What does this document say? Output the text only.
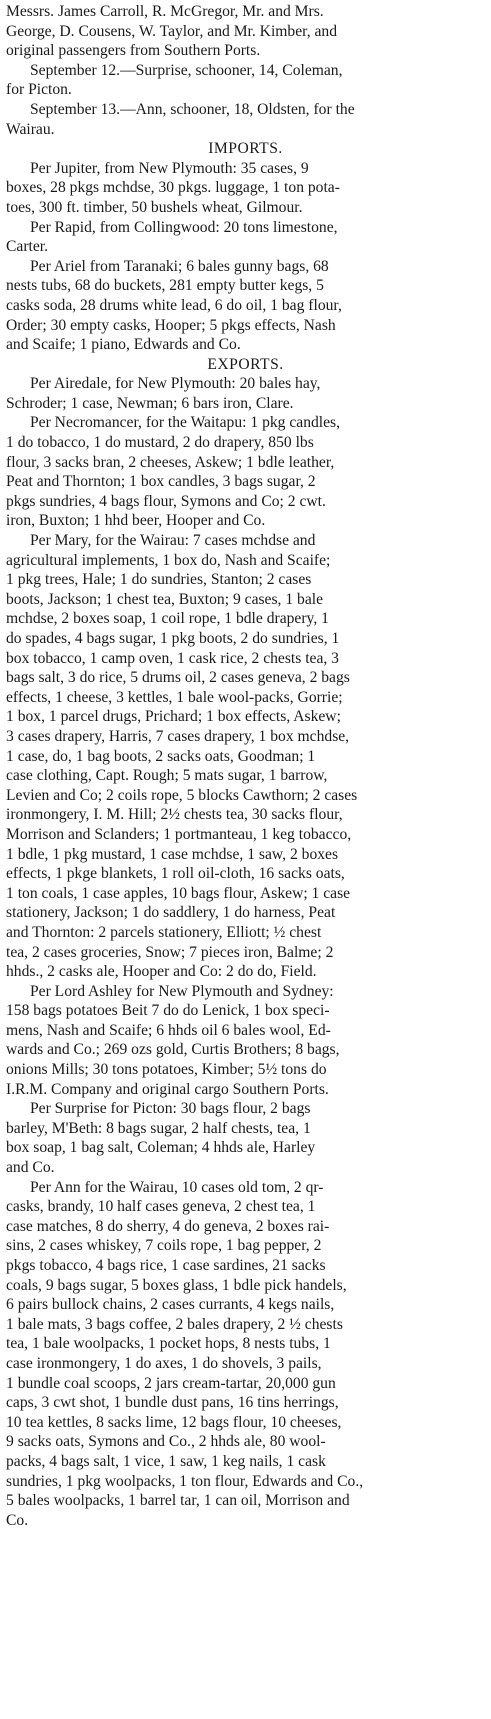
Messrs. James Carroll, R. McGregor, Mr. and Mrs.
George, D. Cousens, W. Taylor, and Mr. Kimber, and
original passengers from Southern Ports.

September 12.—Surprise, schooner, 14, Coleman,
for Picton.

September 13.—Ann, schooner, 18, Oldsten, for the
Wairau.

IMPORTS.

Per Jupiter, from New Plymouth: 35 cases, 9
boxes, 28 pkgs mchdse, 30 pkgs. luggage, 1 ton pota-
toes, 300 ft. timber, 50 bushels wheat, Gilmour.

Per Rapid, from Collingwood: 20 tons limestone,
Carter.

Per Ariel from Taranaki; 6 bales gunny bags, 68
nests tubs, 68 do buckets, 281 empty butter kegs, 5
casks soda, 28 drums white lead, 6 do oil, 1 bag flour,
Order; 30 empty casks, Hooper; 5 pkgs effects, Nash
and Scaife; 1 piano, Edwards and Co.

EXPORTS.

Per Airedale, for New Plymouth: 20 bales hay,
Schroder; 1 case, Newman; 6 bars iron, Clare.

Per Necromancer, for the Waitapu: 1 pkg candles,
1 do tobacco, 1 do mustard, 2 do drapery, 850 lbs
flour, 3 sacks bran, 2 cheeses, Askew; 1 bdle leather,
Peat and Thornton; 1 box candles, 3 bags sugar, 2
pkgs sundries, 4 bags flour, Symons and Co; 2 cwt.
iron, Buxton; 1 hhd beer, Hooper and Co.

Per Mary, for the Wairau: 7 cases mchdse and
agricultural implements, 1 box do, Nash and Scaife;
1 pkg trees, Hale; 1 do sundries, Stanton; 2 cases
boots, Jackson; 1 chest tea, Buxton; 9 cases, 1 bale
mchdse, 2 boxes soap, 1 coil rope, 1 bdle drapery, 1
do spades, 4 bags sugar, 1 pkg boots, 2 do sundries, 1
box tobacco, 1 camp oven, 1 cask rice, 2 chests tea, 3
bags salt, 3 do rice, 5 drums oil, 2 cases geneva, 2 bags
effects, 1 cheese, 3 kettles, 1 bale wool-packs, Gorrie;
1 box, 1 parcel drugs, Prichard; 1 box effects, Askew;
3 cases drapery, Harris, 7 cases drapery, 1 box mchdse,
1 case, do, 1 bag boots, 2 sacks oats, Goodman; 1
case clothing, Capt. Rough; 5 mats sugar, 1 barrow,
Levien and Co; 2 coils rope, 5 blocks Cawthorn; 2 cases
ironmongery, I. M. Hill; 2½ chests tea, 30 sacks flour,
Morrison and Sclanders; 1 portmanteau, 1 keg tobacco,
1 bdle, 1 pkg mustard, 1 case mchdse, 1 saw, 2 boxes
effects, 1 pkge blankets, 1 roll oil-cloth, 16 sacks oats,
1 ton coals, 1 case apples, 10 bags flour, Askew; 1 case
stationery, Jackson; 1 do saddlery, 1 do harness, Peat
and Thornton: 2 parcels stationery, Elliott; ½ chest
tea, 2 cases groceries, Snow; 7 pieces iron, Balme; 2
hhds., 2 casks ale, Hooper and Co: 2 do do, Field.

Per Lord Ashley for New Plymouth and Sydney:
158 bags potatoes Beit 7 do do Lenick, 1 box speci-
mens, Nash and Scaife; 6 hhds oil 6 bales wool, Ed-
wards and Co.; 269 ozs gold, Curtis Brothers; 8 bags,
onions Mills; 30 tons potatoes, Kimber; 5½ tons do
I.R.M. Company and original cargo Southern Ports.

Per Surprise for Picton: 30 bags flour, 2 bags
barley, M'Beth: 8 bags sugar, 2 half chests, tea, 1
box soap, 1 bag salt, Coleman; 4 hhds ale, Harley
and Co.

Per Ann for the Wairau, 10 cases old tom, 2 qr-
casks, brandy, 10 half cases geneva, 2 chest tea, 1
case matches, 8 do sherry, 4 do geneva, 2 boxes rai-
sins, 2 cases whiskey, 7 coils rope, 1 bag pepper, 2
pkgs tobacco, 4 bags rice, 1 case sardines, 21 sacks
coals, 9 bags sugar, 5 boxes glass, 1 bdle pick handels,
6 pairs bullock chains, 2 cases currants, 4 kegs nails,
1 bale mats, 3 bags coffee, 2 bales drapery, 2 ½ chests
tea, 1 bale woolpacks, 1 pocket hops, 8 nests tubs, 1
case ironmongery, 1 do axes, 1 do shovels, 3 pails,
1 bundle coal scoops, 2 jars cream-tartar, 20,000 gun
caps, 3 cwt shot, 1 bundle dust pans, 16 tins herrings,
10 tea kettles, 8 sacks lime, 12 bags flour, 10 cheeses,
9 sacks oats, Symons and Co., 2 hhds ale, 80 wool-
packs, 4 bags salt, 1 vice, 1 saw, 1 keg nails, 1 cask
sundries, 1 pkg woolpacks, 1 ton flour, Edwards and Co.,
5 bales woolpacks, 1 barrel tar, 1 can oil, Morrison and
Co.
